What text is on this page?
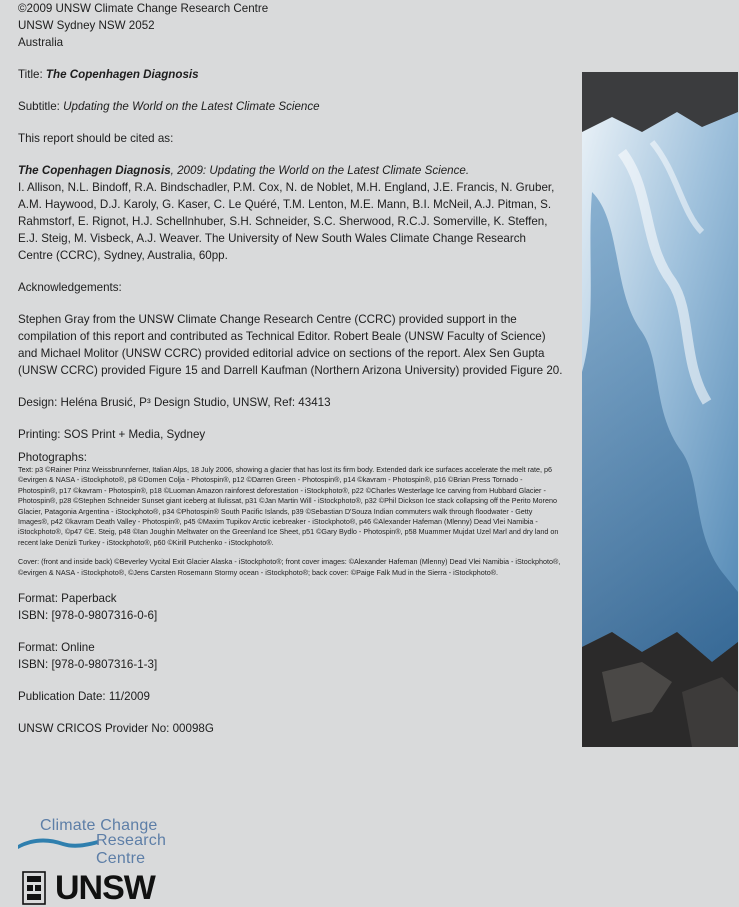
©2009 UNSW Climate Change Research Centre

UNSW Sydney NSW 2052

Australia

Title: The Copenhagen Diagnosis

Subtitle: Updating the World on the Latest Climate Science

This report should be cited as:

The Copenhagen Diagnosis, 2009: Updating the World on the Latest Climate Science.
I. Allison, N.L. Bindoff, R.A. Bindschadler, P.M. Cox, N. de Noblet, M.H. England, J.E. Francis, N. Gruber, A.M. Haywood, D.J. Karoly, G. Kaser, C. Le Quéré, T.M. Lenton, M.E. Mann, B.I. McNeil, A.J. Pitman, S. Rahmstorf, E. Rignot, H.J. Schellnhuber, S.H. Schneider, S.C. Sherwood, R.C.J. Somerville, K. Steffen, E.J. Steig, M. Visbeck, A.J. Weaver. The University of New South Wales Climate Change Research Centre (CCRC), Sydney, Australia, 60pp.

Acknowledgements:

Stephen Gray from the UNSW Climate Change Research Centre (CCRC) provided support in the compilation of this report and contributed as Technical Editor. Robert Beale (UNSW Faculty of Science) and Michael Molitor (UNSW CCRC) provided editorial advice on sections of the report. Alex Sen Gupta (UNSW CCRC) provided Figure 15 and Darrell Kaufman (Northern Arizona University) provided Figure 20.

Design: Heléna Brusić, P³ Design Studio, UNSW, Ref: 43413

Printing: SOS Print + Media, Sydney

Photographs:

Text: p3 ©Rainer Prinz Weissbrunnferner, Italian Alps, 18 July 2006, showing a glacier that has lost its firm body. Extended dark ice surfaces accelerate the melt rate, p6 ©evirgen & NASA - iStockphoto®, p8 ©Domen Colja - Photospin®, p12 ©Darren Green - Photospin®, p14 ©kavram - Photospin®, p16 ©Brian Press Tornado - Photospin®, p17 ©kavram - Photospin®, p18 ©Luoman Amazon rainforest deforestation - iStockphoto®, p22 ©Charles Westerlage Ice carving from Hubbard Glacier - Photospin®, p28 ©Stephen Schneider Sunset giant iceberg at Ilulissat, p31 ©Jan Martin Will - iStockphoto®, p32 ©Phil Dickson Ice stack collapsing off the Perito Moreno Glacier, Patagonia Argentina - iStockphoto®, p34 ©Photospin® South Pacific Islands, p39 ©Sebastian D'Souza Indian commuters walk through floodwater - Getty Images®, p42 ©kavram Death Valley - Photospin®, p45 ©Maxim Tupikov Arctic icebreaker - iStockphoto®, p46 ©Alexander Hafeman (Mlenny) Dead Vlei Namibia - iStockphoto®, ©p47 ©E. Steig, p48 ©Ian Joughin Meltwater on the Greenland Ice Sheet, p51 ©Gary Bydlo - Photospin®, p58 Muammer Mujdat Uzel Marl and dry land on recent lake Denizli Turkey - iStockphoto®, p60 ©Kirill Putchenko - iStockphoto®.

Cover: (front and inside back) ©Beverley Vycital Exit Glacier Alaska - iStockphoto®; front cover images: ©Alexander Hafeman (Mlenny) Dead Vlei Namibia - iStockphoto®, ©evirgen & NASA - iStockphoto®, ©Jens Carsten Rosemann Stormy ocean - iStockphoto®; back cover: ©Paige Falk Mud in the Sierra - iStockphoto®.

Format: Paperback

ISBN: [978-0-9807316-0-6]

Format: Online

ISBN: [978-0-9807316-1-3]

Publication Date: 11/2009

UNSW CRICOS Provider No: 00098G

Climate Change
Research Centre
UNSW
